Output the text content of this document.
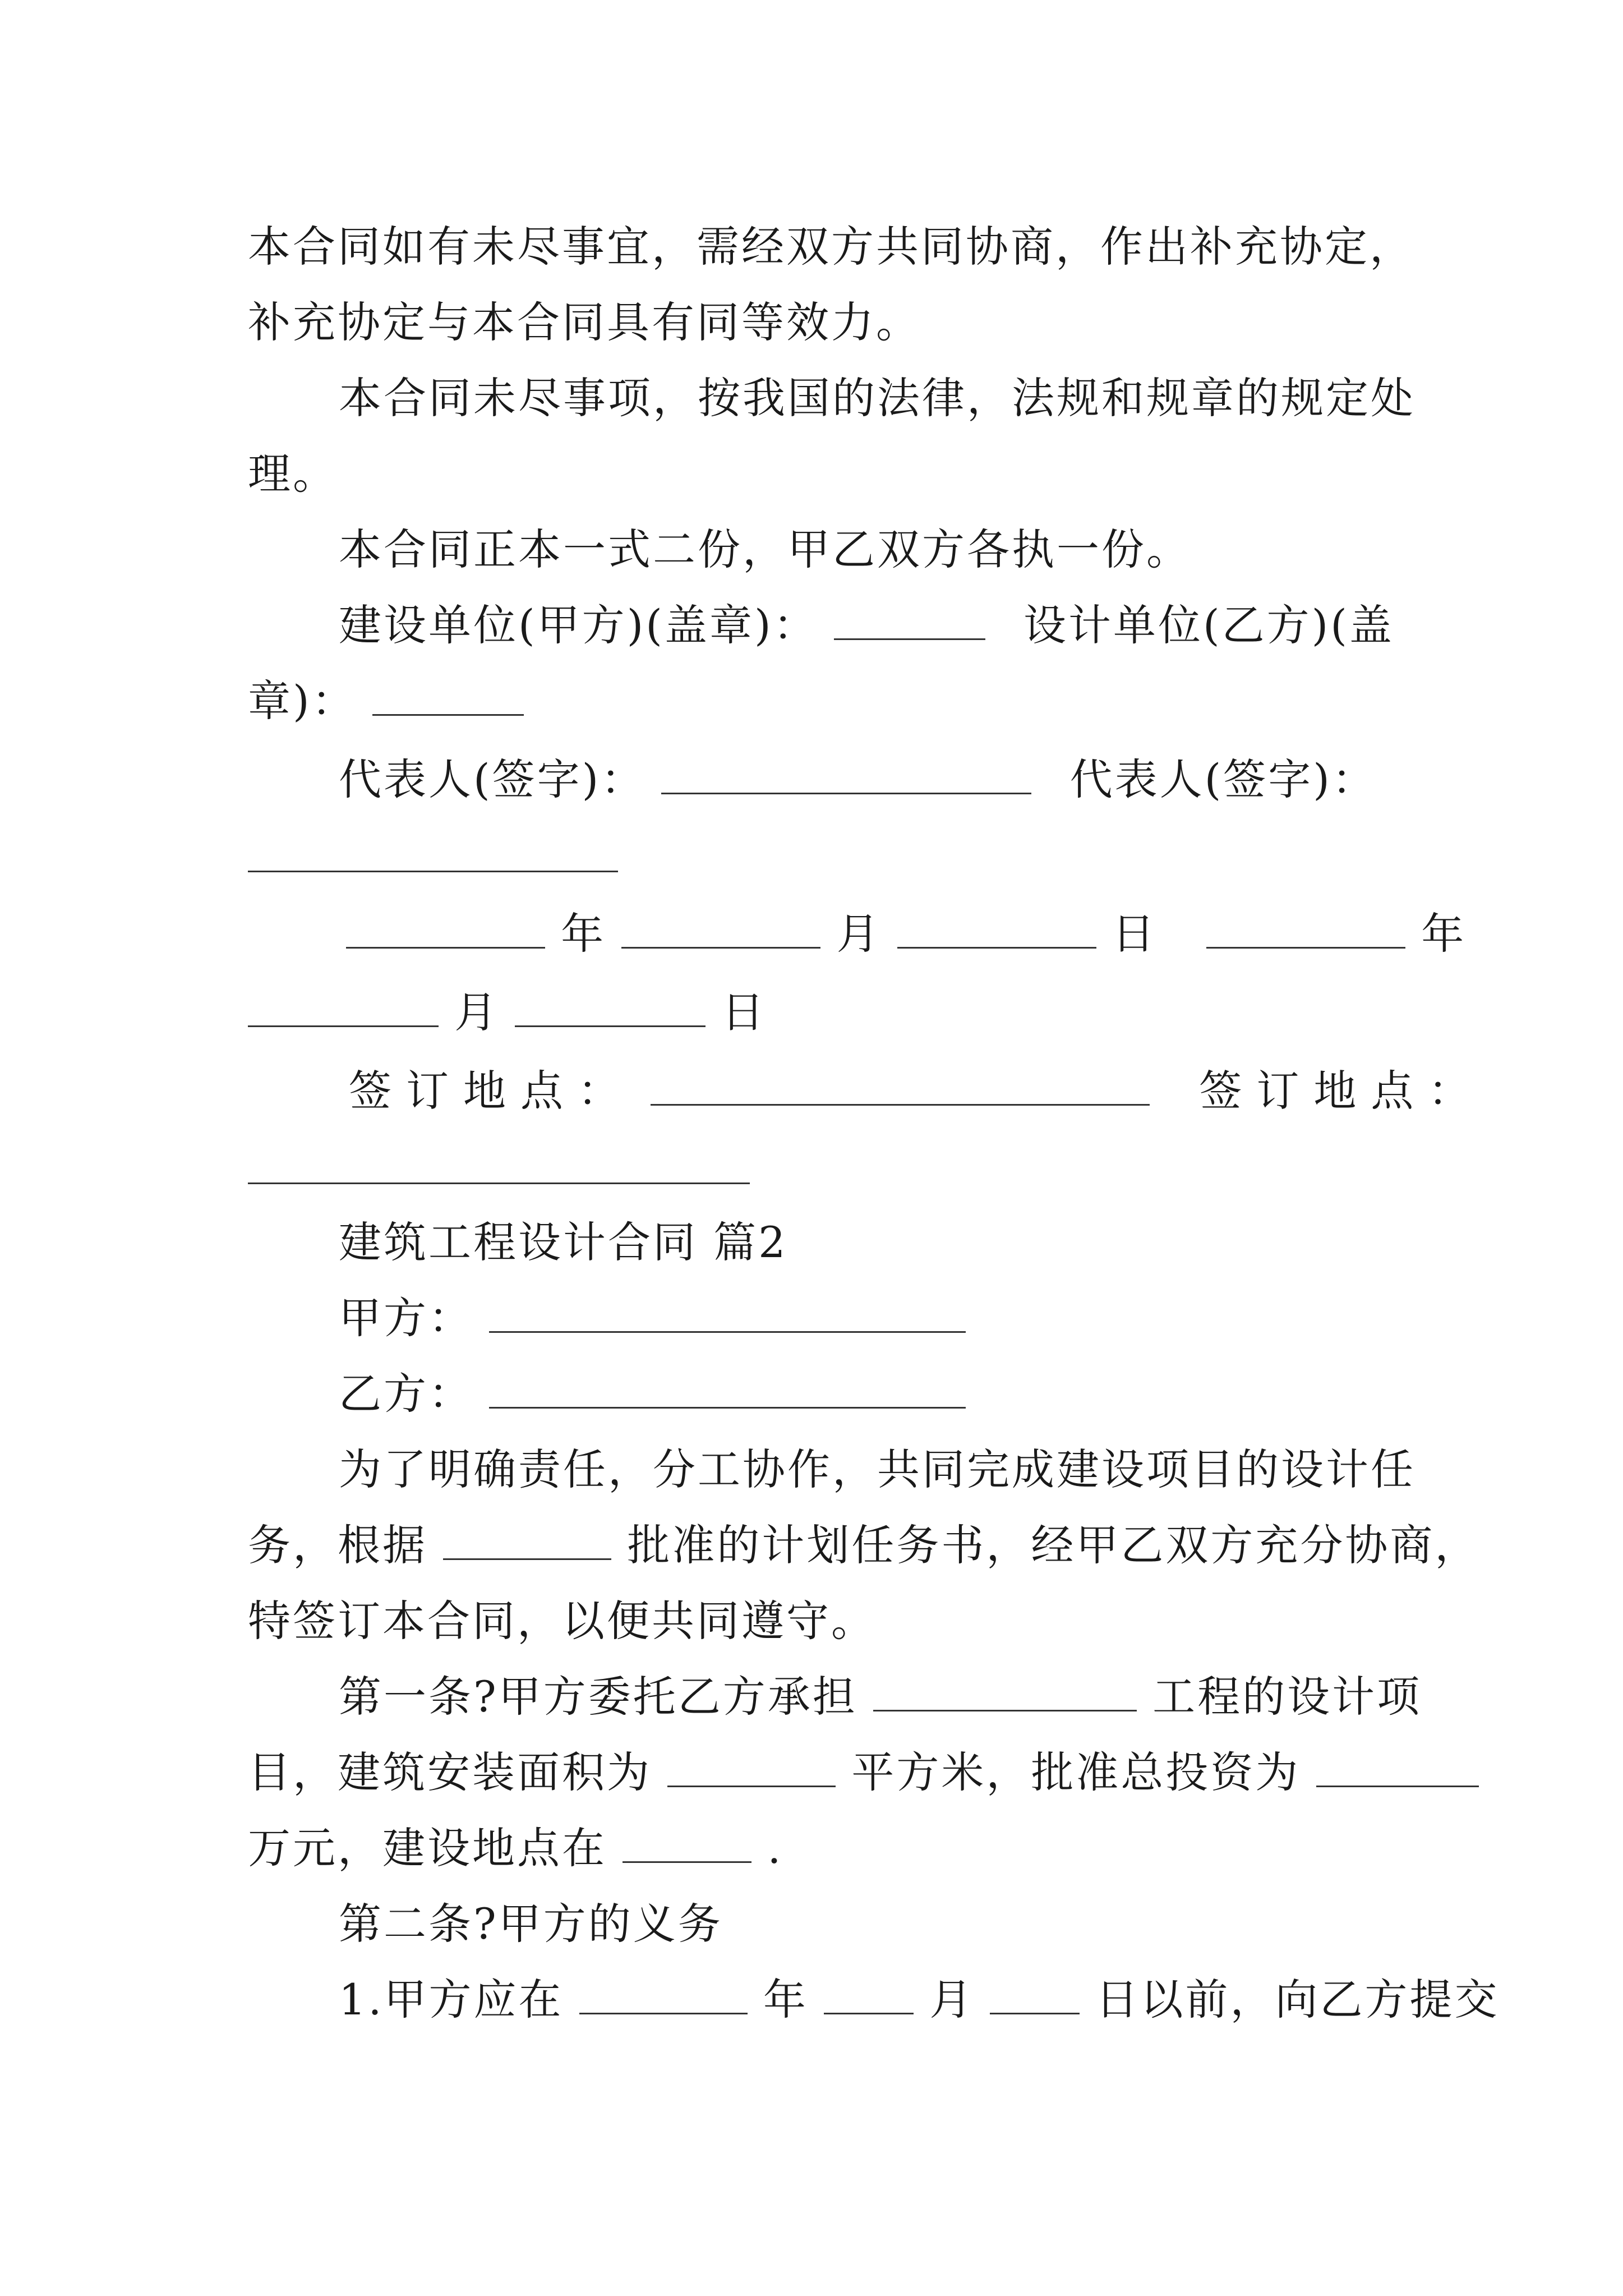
本合同如有未尽事宜，需经双方共同协商，作出补充协定，
补充协定与本合同具有同等效力。
本合同未尽事项，按我国的法律，法规和规章的规定处
理。
本合同正本一式二份，甲乙双方各执一份。
建设单位(甲方)(盖章)：	设计单位(乙方)(盖
章)：
代表人(签字)：	代表人(签字)：
年	月	日	年
月	日
签订地点：	签订地点：
建筑工程设计合同 篇2
甲方：
乙方：
为了明确责任，分工协作，共同完成建设项目的设计任
务，根据	批准的计划任务书，经甲乙双方充分协商，
特签订本合同，以便共同遵守。
第一条?甲方委托乙方承担	工程的设计项
目，建筑安装面积为	平方米，批准总投资为
万元，建设地点在	.
第二条?甲方的义务
1.甲方应在	年	月	日以前，向乙方提交
